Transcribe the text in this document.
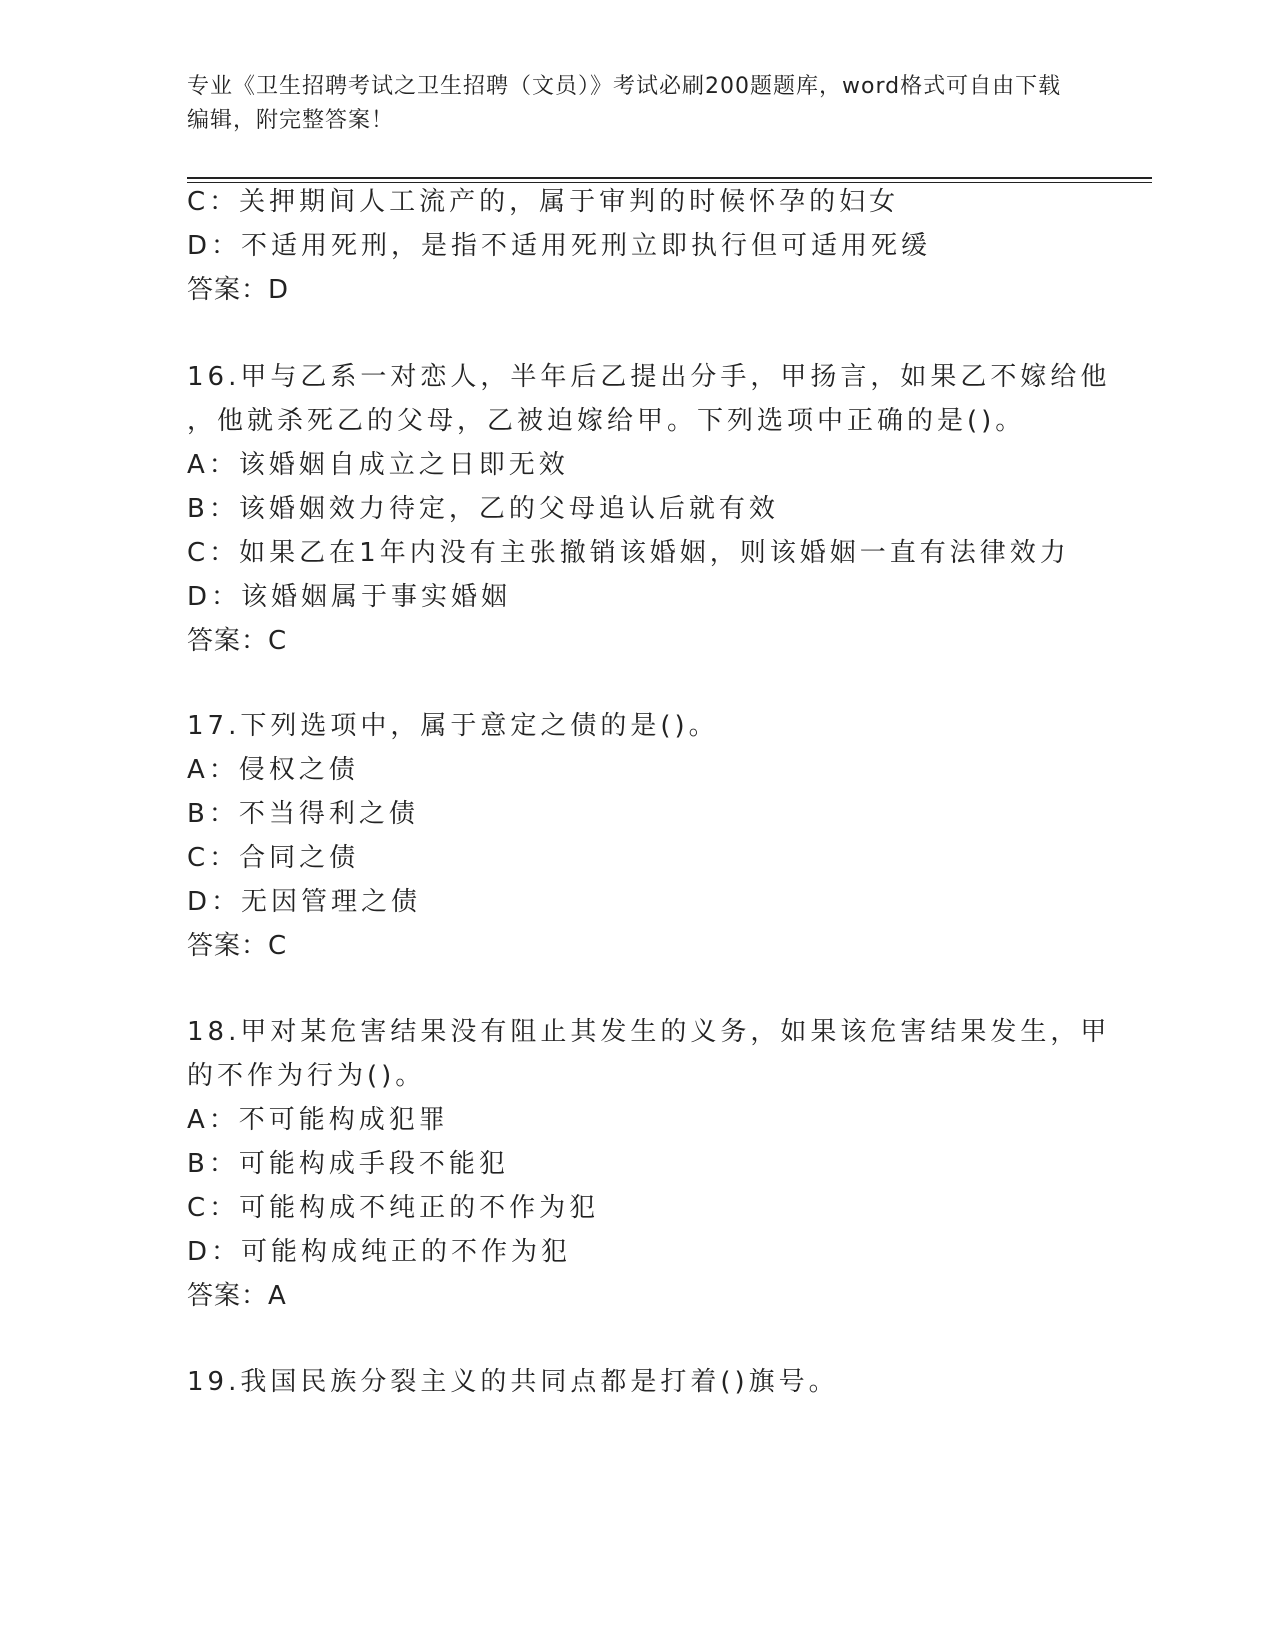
专业《卫生招聘考试之卫生招聘（文员）》考试必刷200题题库，word格式可自由下载编辑，附完整答案！
C：关押期间人工流产的，属于审判的时候怀孕的妇女
D：不适用死刑，是指不适用死刑立即执行但可适用死缓
答案：D
16.甲与乙系一对恋人，半年后乙提出分手，甲扬言，如果乙不嫁给他
，他就杀死乙的父母，乙被迫嫁给甲。下列选项中正确的是()。
A：该婚姻自成立之日即无效
B：该婚姻效力待定，乙的父母追认后就有效
C：如果乙在1年内没有主张撤销该婚姻，则该婚姻一直有法律效力
D：该婚姻属于事实婚姻
答案：C
17.下列选项中，属于意定之债的是()。
A：侵权之债
B：不当得利之债
C：合同之债
D：无因管理之债
答案：C
18.甲对某危害结果没有阻止其发生的义务，如果该危害结果发生，甲
的不作为行为()。
A：不可能构成犯罪
B：可能构成手段不能犯
C：可能构成不纯正的不作为犯
D：可能构成纯正的不作为犯
答案：A
19.我国民族分裂主义的共同点都是打着()旗号。
